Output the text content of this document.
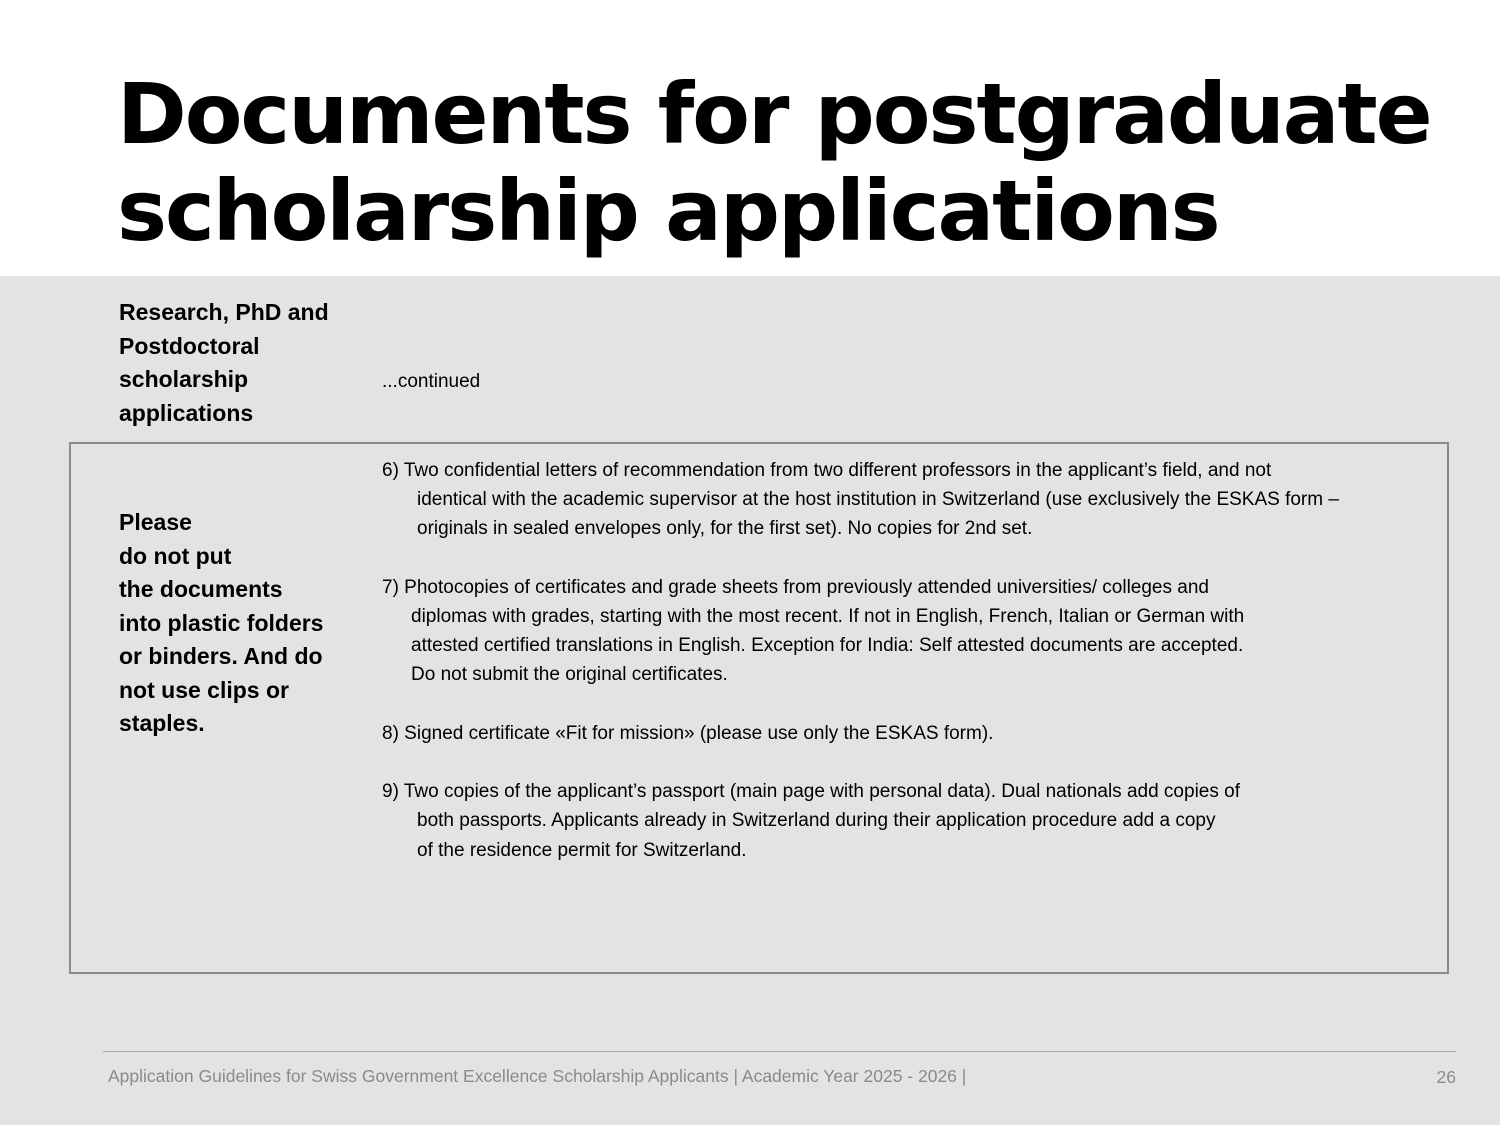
Documents for postgraduate
scholarship applications
Research, PhD and
Postdoctoral
scholarship
applications
...continued
Please
do not put
the documents
into plastic folders
or binders. And do
not use clips or
staples.
6) Two confidential letters of recommendation from two different professors in the applicant’s field, and not
identical with the academic supervisor at the host institution in Switzerland (use exclusively the ESKAS form –
originals in sealed envelopes only, for the first set). No copies for 2nd set.
7) Photocopies of certificates and grade sheets from previously attended universities/ colleges and
diplomas with grades, starting with the most recent. If not in English, French, Italian or German with
attested certified translations in English. Exception for India: Self attested documents are accepted.
Do not submit the original certificates.
8) Signed certificate «Fit for mission» (please use only the ESKAS form).
9) Two copies of the applicant’s passport (main page with personal data). Dual nationals add copies of
both passports. Applicants already in Switzerland during their application procedure add a copy
of the residence permit for Switzerland.
Application Guidelines for Swiss Government Excellence Scholarship Applicants | Academic Year 2025 - 2026 |	26
